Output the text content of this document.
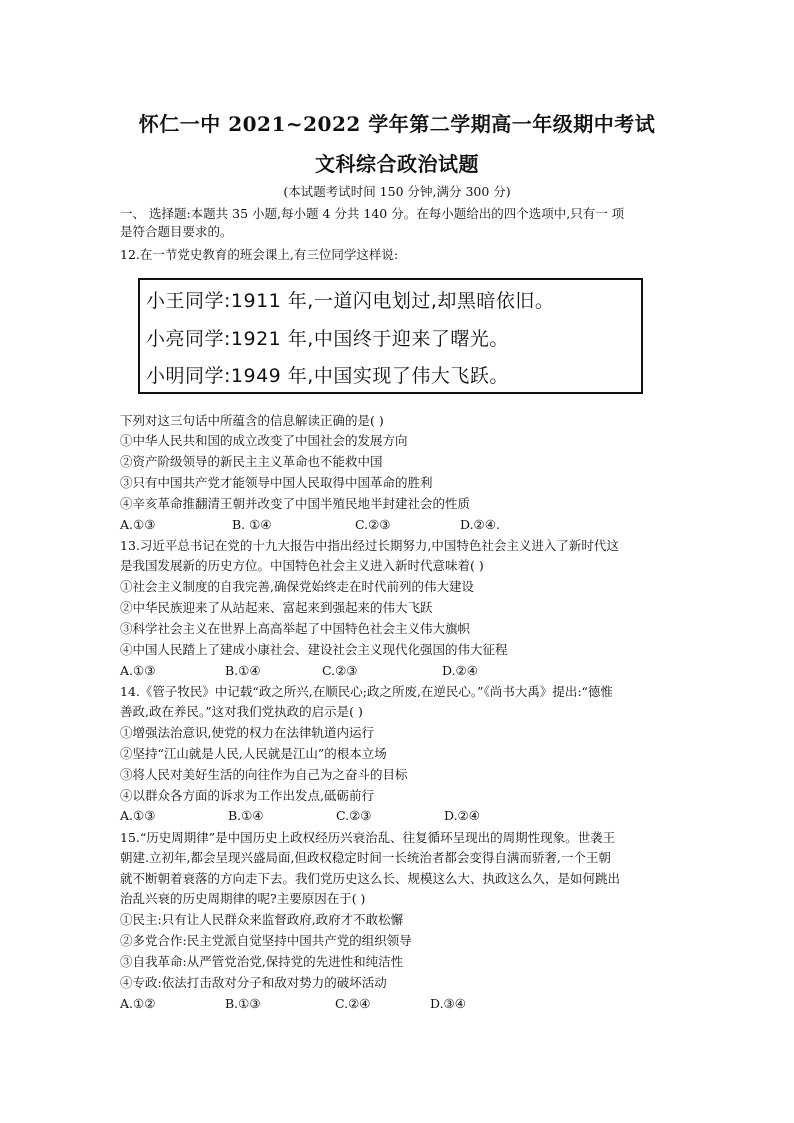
怀仁一中 2021~2022 学年第二学期高一年级期中考试
文科综合政治试题
(本试题考试时间 150 分钟,满分 300 分)
一、 选择题:本题共 35 小题,每小题 4 分共 140 分。在每小题给出的四个选项中,只有一 项
是符合题目要求的。
12.在一节党史教育的班会课上,有三位同学这样说:
小王同学:1911 年,一道闪电划过,却黑暗依旧。
小亮同学:1921 年,中国终于迎来了曙光。
小明同学:1949 年,中国实现了伟大飞跃。
下列对这三句话中所蕴含的信息解读正确的是( )
①中华人民共和国的成立改变了中国社会的发展方向
②资产阶级领导的新民主主义革命也不能救中国
③只有中国共产党才能领导中国人民取得中国革命的胜利
④辛亥革命推翻清王朝并改变了中国半殖民地半封建社会的性质
A.①③	B. ①④	C.②③	D.②④.
13.习近平总书记在党的十九大报告中指出经过长期努力,中国特色社会主义进入了新时代这
是我国发展新的历史方位。中国特色社会主义进入新时代意味着( )
①社会主义制度的自我完善,确保党始终走在时代前列的伟大建设
②中华民族迎来了从站起来、富起来到强起来的伟大飞跃
③科学社会主义在世界上高高举起了中国特色社会主义伟大旗帜
④中国人民踏上了建成小康社会、建设社会主义现代化强国的伟大征程
A.①③	B.①④	C.②③	D.②④
14.《管子牧民》中记载“政之所兴,在顺民心;政之所废,在逆民心。”《尚书大禹》提出:“德惟
善政,政在养民。”这对我们党执政的启示是( )
①增强法治意识,使党的权力在法律轨道内运行
②坚持“江山就是人民,人民就是江山”的根本立场
③将人民对美好生活的向往作为自己为之奋斗的目标
④以群众各方面的诉求为工作出发点,砥砺前行
A.①③	B.①④	C.②③	D.②④
15.“历史周期律”是中国历史上政权经历兴衰治乱、往复循环呈现出的周期性现象。世袭王
朝建.立初年,都会呈现兴盛局面,但政权稳定时间一长统治者都会变得自满而骄奢,一个王朝
就不断朝着衰落的方向走下去。我们党历史这么长、规模这么大、执政这么久，是如何跳出
治乱兴衰的历史周期律的呢?主要原因在于( )
①民主:只有让人民群众来监督政府,政府才不敢松懈
②多党合作:民主党派自觉坚持中国共产党的组织领导
③自我革命:从严管党治党,保持党的先进性和纯洁性
④专政:依法打击敌对分子和敌对势力的破坏活动
A.①②	B.①③	C.②④	D.③④
